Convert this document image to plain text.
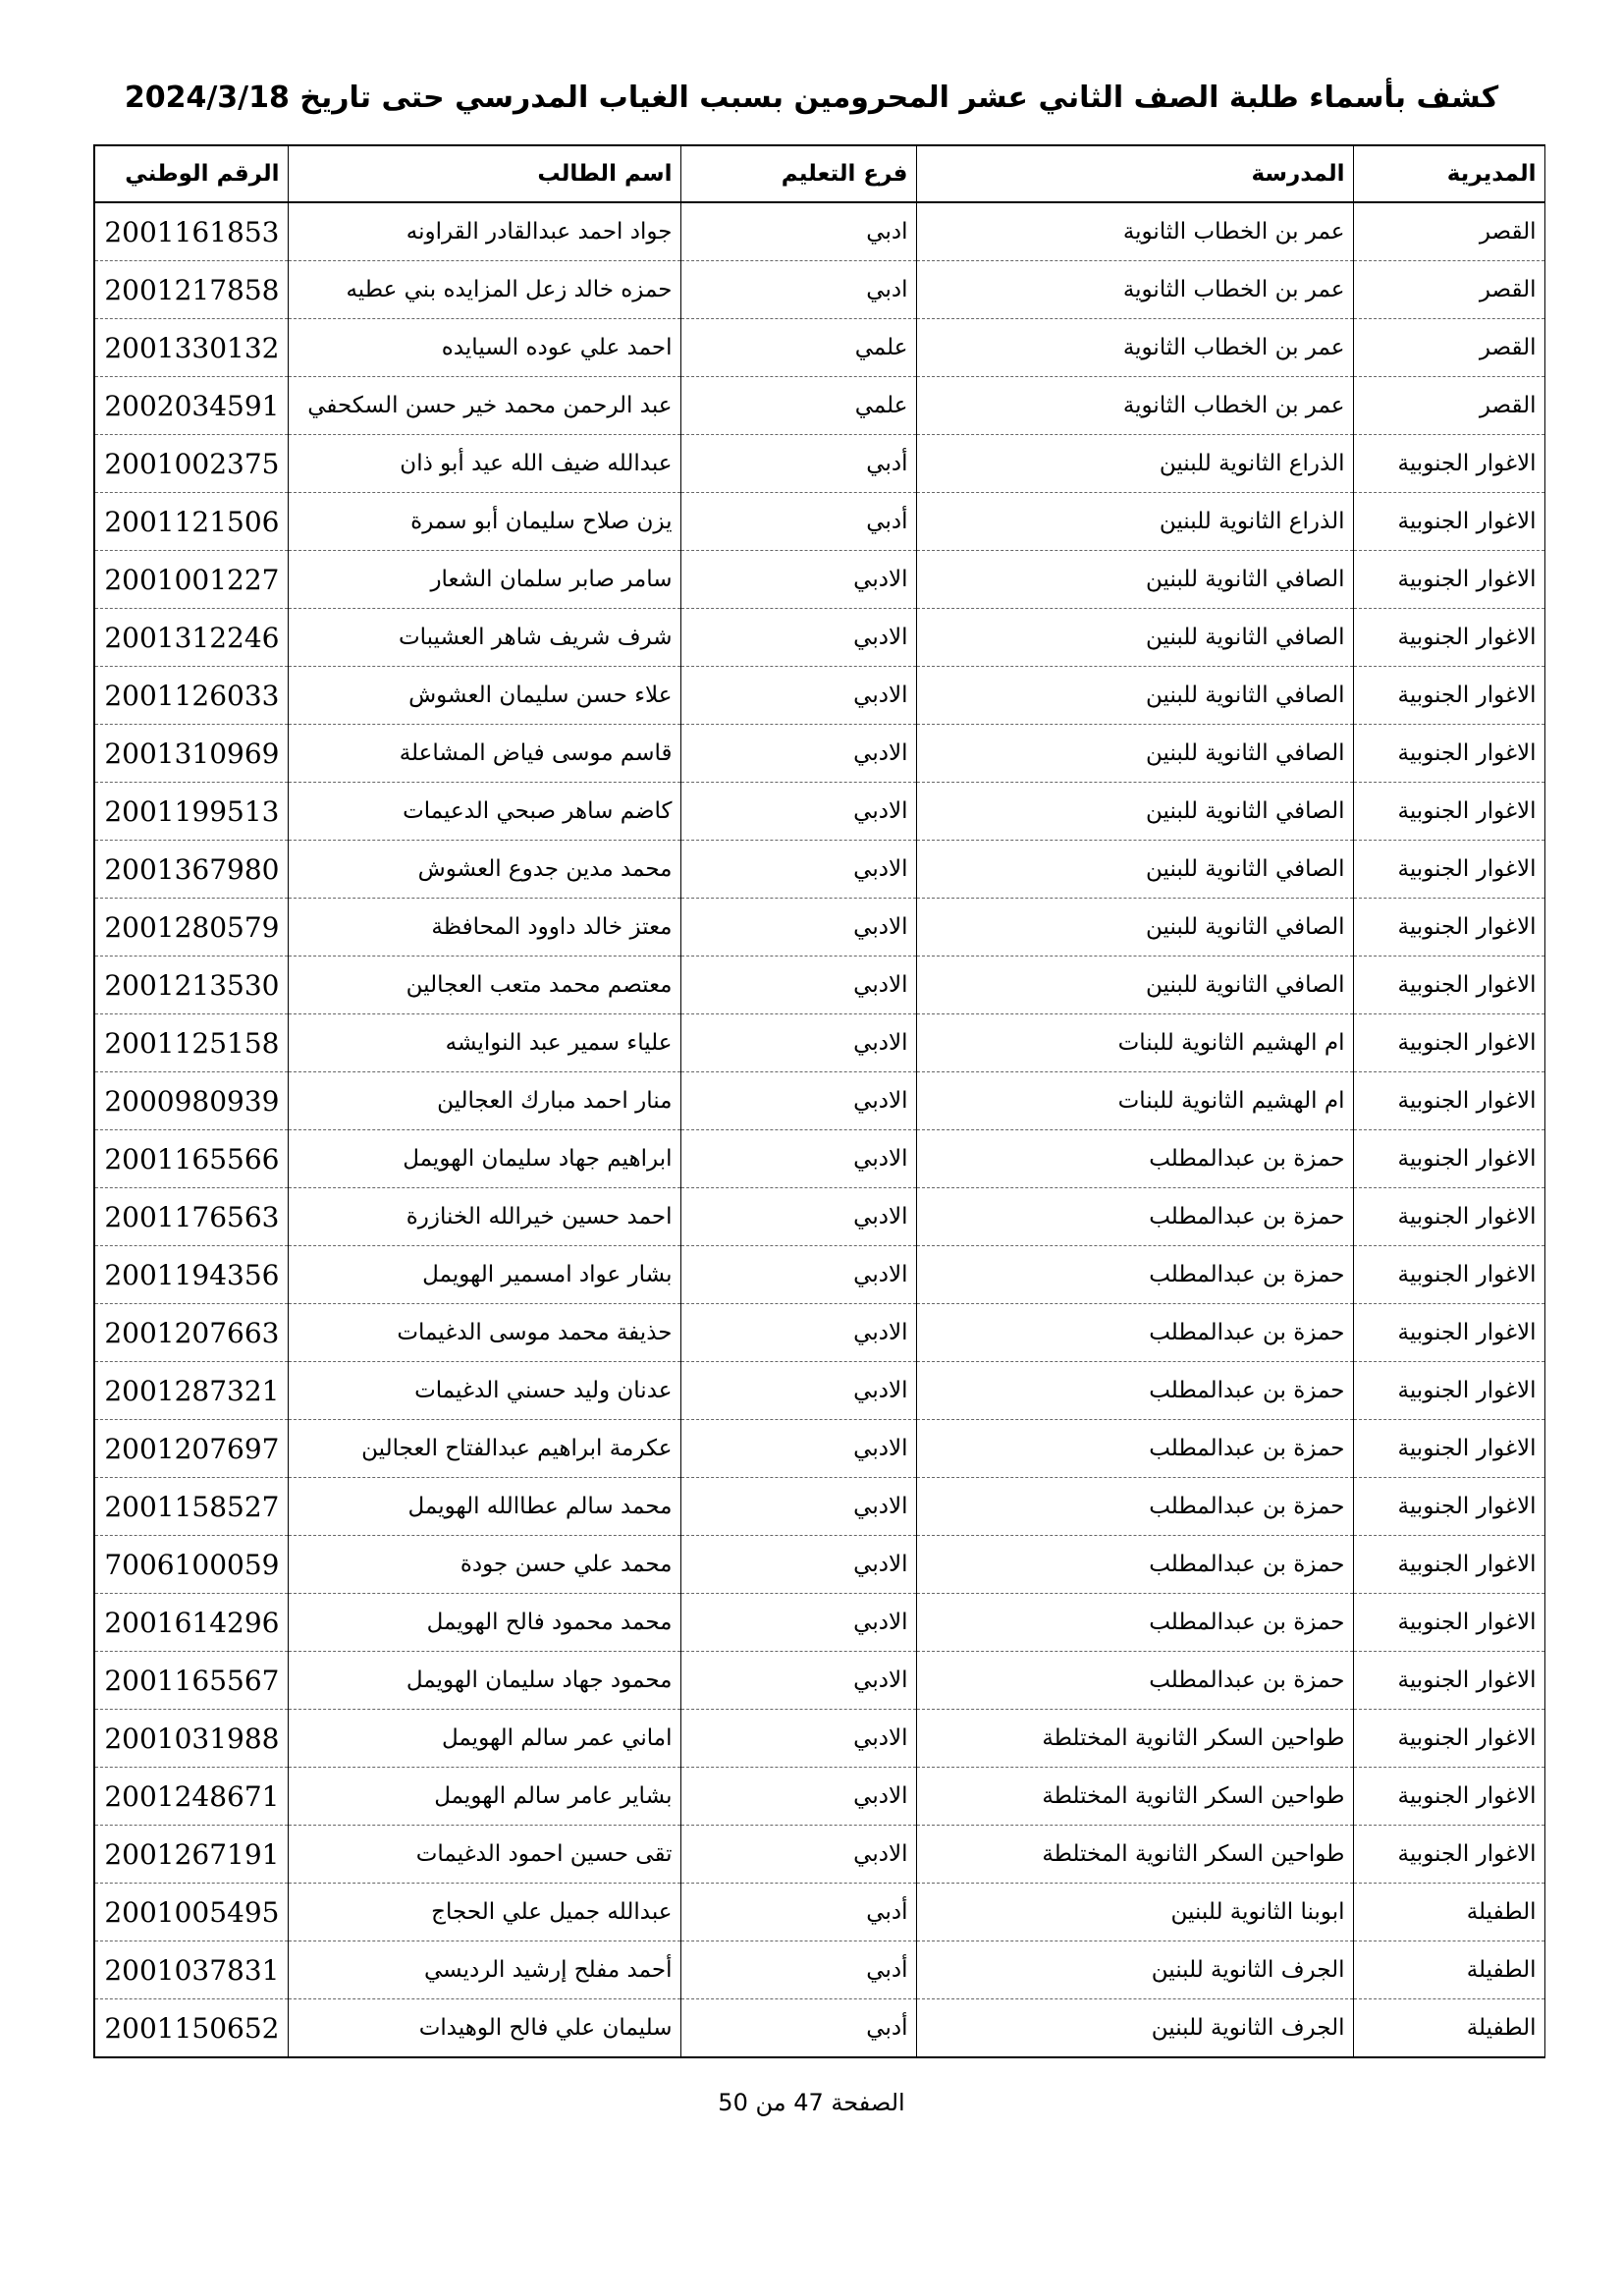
كشف بأسماء طلبة الصف الثاني عشر المحرومين بسبب الغياب المدرسي حتى تاريخ 2024/3/18
المديرية	المدرسة	فرع التعليم	اسم الطالب	الرقم الوطني
القصر	عمر بن الخطاب الثانوية	ادبي	جواد احمد عبدالقادر القراونه	2001161853
القصر	عمر بن الخطاب الثانوية	ادبي	حمزه خالد زعل المزايده بني عطيه	2001217858
القصر	عمر بن الخطاب الثانوية	علمي	احمد علي عوده السيايده	2001330132
القصر	عمر بن الخطاب الثانوية	علمي	عبد الرحمن محمد خير حسن السكحفي	2002034591
الاغوار الجنوبية	الذراع الثانوية للبنين	أدبي	عبدالله ضيف الله عيد أبو ذان	2001002375
الاغوار الجنوبية	الذراع الثانوية للبنين	أدبي	يزن صلاح سليمان أبو سمرة	2001121506
الاغوار الجنوبية	الصافي الثانوية للبنين	الادبي	سامر صابر سلمان الشعار	2001001227
الاغوار الجنوبية	الصافي الثانوية للبنين	الادبي	شرف شريف شاهر العشيبات	2001312246
الاغوار الجنوبية	الصافي الثانوية للبنين	الادبي	علاء حسن سليمان العشوش	2001126033
الاغوار الجنوبية	الصافي الثانوية للبنين	الادبي	قاسم موسى فياض المشاعلة	2001310969
الاغوار الجنوبية	الصافي الثانوية للبنين	الادبي	كاضم ساهر صبحي الدعيمات	2001199513
الاغوار الجنوبية	الصافي الثانوية للبنين	الادبي	محمد مدين جدوع العشوش	2001367980
الاغوار الجنوبية	الصافي الثانوية للبنين	الادبي	معتز خالد داوود المحافظة	2001280579
الاغوار الجنوبية	الصافي الثانوية للبنين	الادبي	معتصم محمد متعب العجالين	2001213530
الاغوار الجنوبية	ام الهشيم الثانوية للبنات	الادبي	علياء سمير عبد النوايشه	2001125158
الاغوار الجنوبية	ام الهشيم الثانوية للبنات	الادبي	منار احمد مبارك العجالين	2000980939
الاغوار الجنوبية	حمزة بن عبدالمطلب	الادبي	ابراهيم جهاد سليمان الهويمل	2001165566
الاغوار الجنوبية	حمزة بن عبدالمطلب	الادبي	احمد حسين خيرالله الخنازرة	2001176563
الاغوار الجنوبية	حمزة بن عبدالمطلب	الادبي	بشار عواد امسمير الهويمل	2001194356
الاغوار الجنوبية	حمزة بن عبدالمطلب	الادبي	حذيفة محمد موسى الدغيمات	2001207663
الاغوار الجنوبية	حمزة بن عبدالمطلب	الادبي	عدنان وليد حسني الدغيمات	2001287321
الاغوار الجنوبية	حمزة بن عبدالمطلب	الادبي	عكرمة ابراهيم عبدالفتاح العجالين	2001207697
الاغوار الجنوبية	حمزة بن عبدالمطلب	الادبي	محمد سالم عطاالله الهويمل	2001158527
الاغوار الجنوبية	حمزة بن عبدالمطلب	الادبي	محمد علي حسن جودة	7006100059
الاغوار الجنوبية	حمزة بن عبدالمطلب	الادبي	محمد محمود فالح الهويمل	2001614296
الاغوار الجنوبية	حمزة بن عبدالمطلب	الادبي	محمود جهاد سليمان الهويمل	2001165567
الاغوار الجنوبية	طواحين السكر الثانوية المختلطة	الادبي	اماني عمر سالم الهويمل	2001031988
الاغوار الجنوبية	طواحين السكر الثانوية المختلطة	الادبي	بشاير عامر سالم الهويمل	2001248671
الاغوار الجنوبية	طواحين السكر الثانوية المختلطة	الادبي	تقى حسين احمود الدغيمات	2001267191
الطفيلة	ابوبنا الثانوية للبنين	أدبي	عبدالله جميل علي الحجاج	2001005495
الطفيلة	الجرف الثانوية للبنين	أدبي	أحمد مفلح إرشيد الرديسي	2001037831
الطفيلة	الجرف الثانوية للبنين	أدبي	سليمان علي فالح الوهيدات	2001150652
الصفحة 47 من 50
